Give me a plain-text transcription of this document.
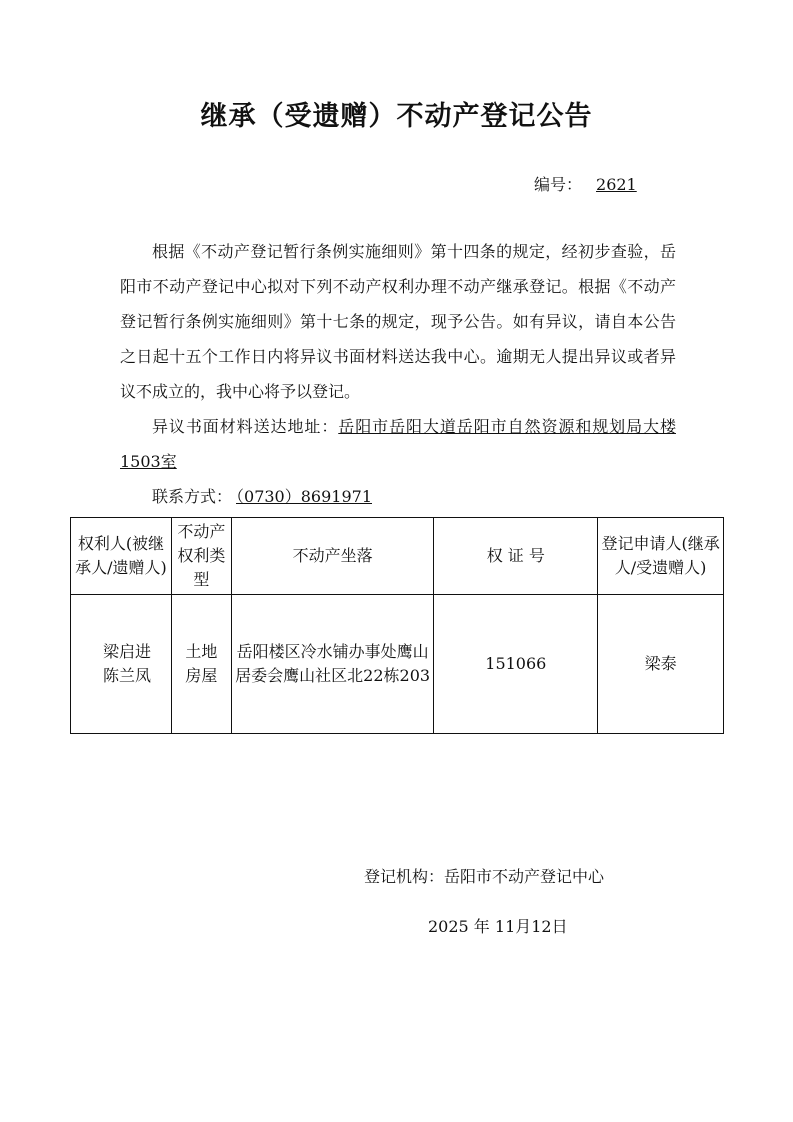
继承（受遗赠）不动产登记公告
编号： 2621

根据《不动产登记暂行条例实施细则》第十四条的规定，经初步查验，岳阳市不动产登记中心拟对下列不动产权利办理不动产继承登记。根据《不动产登记暂行条例实施细则》第十七条的规定，现予公告。如有异议，请自本公告之日起十五个工作日内将异议书面材料送达我中心。逾期无人提出异议或者异议不成立的，我中心将予以登记。

异议书面材料送达地址：岳阳市岳阳大道岳阳市自然资源和规划局大楼1503室

联系方式： （0730）8691971

权利人(被继承人/遗赠人)	不动产权利类型	不动产坐落	权 证 号	登记申请人(继承人/受遗赠人)
梁启进陈兰凤	土地房屋	岳阳楼区冷水铺办事处鹰山居委会鹰山社区北22栋203	151066	梁泰
登记机构：岳阳市不动产登记中心
2025 年 11月12日
